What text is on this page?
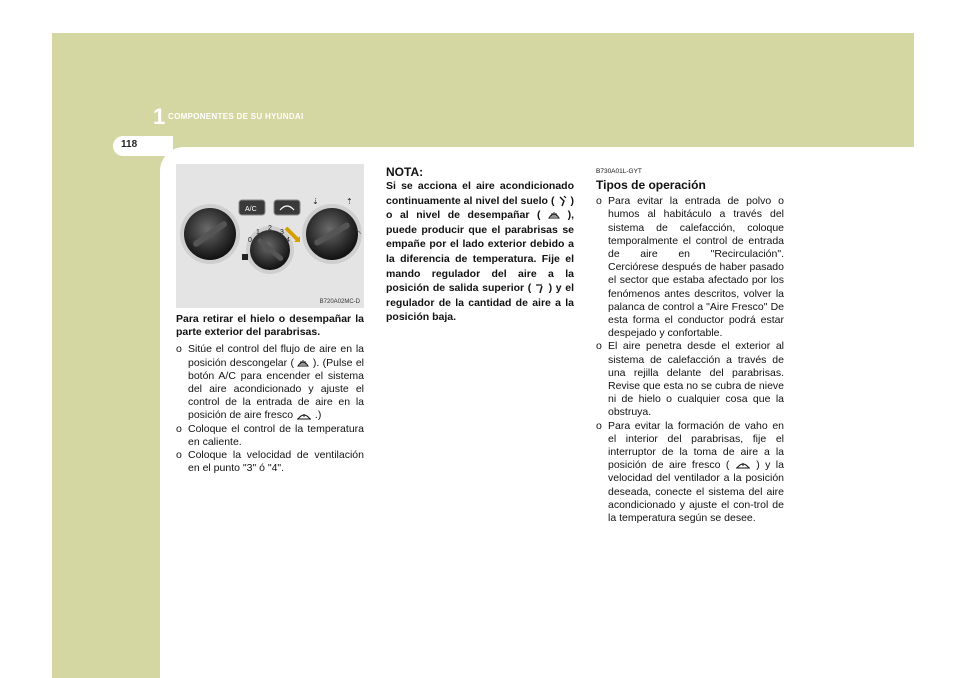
1 COMPONENTES DE SU HYUNDAI
118
0
1
2
3
4
A/C
⇣	⇡
◠
B720A02MC-D
Para retirar el hielo o desempañar la parte exterior del parabrisas.

o Sitúe el control del flujo de aire en la posición descongelar ( ). (Pulse el botón A/C para encender el sistema del aire acondicionado y ajuste el control de la entrada de aire en la posición de aire fresco .)

o Coloque el control de la temperatura en caliente.

o Coloque la velocidad de ventilación en el punto "3" ó "4".

NOTA:
Si se acciona el aire acondicionado continuamente al nivel del suelo ( ) o al nivel de desempañar (	), puede producir que el parabrisas se empañe por el lado exterior debido a la diferencia de temperatura. Fije el mando regulador del aire a la posición de salida superior ( ) y el regulador de la cantidad de aire a la posición baja.
B730A01L-GYT
Tipos de operación

o Para evitar la entrada de polvo o humos al habitáculo a través del sistema de calefacción, coloque temporalmente el control de entrada de aire en "Recirculación". Cerciórese después de haber pasado el sector que estaba afectado por los fenómenos antes descritos, volver la palanca de control a "Aire Fresco" De esta forma el conductor podrá estar despejado y confortable.

o El aire penetra desde el exterior al sistema de calefacción a través de una rejilla delante del parabrisas. Revise que esta no se cubra de nieve ni de hielo o cualquier cosa que la obstruya.

o Para evitar la formación de vaho en el interior del parabrisas, fije el interruptor de la toma de aire a la posición de aire fresco (	) y la velocidad del ventilador a la posición deseada, conecte el sistema del aire acondicionado y ajuste el con-trol de la temperatura según se desee.
